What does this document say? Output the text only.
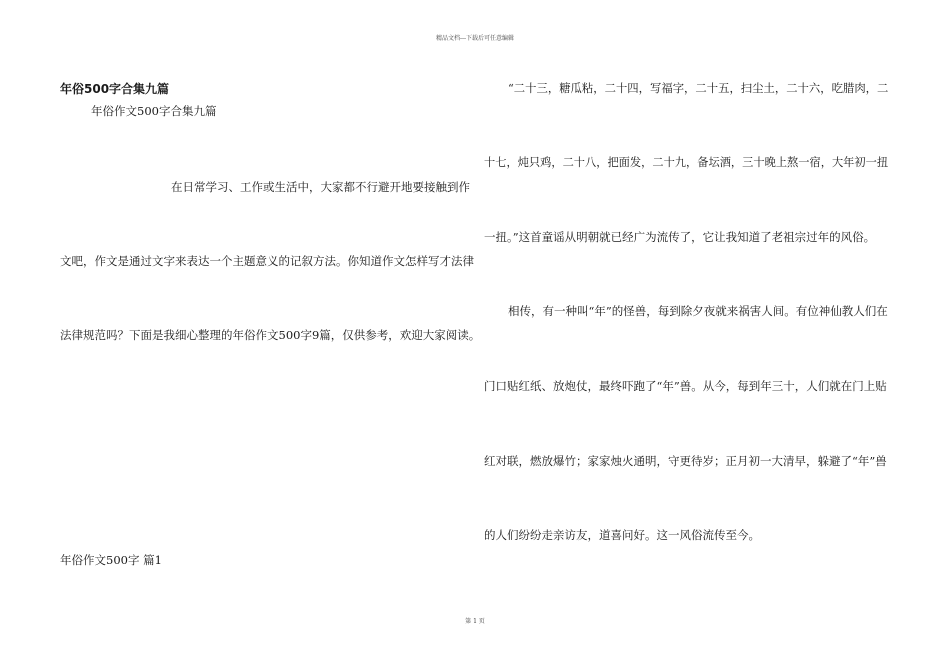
精品文档---下载后可任意编辑
年俗500字合集九篇
年俗作文500字合集九篇
在日常学习、工作或生活中，大家都不行避开地要接触到作
文吧，作文是通过文字来表达一个主题意义的记叙方法。你知道作文怎样写才法律
法律规范吗？下面是我细心整理的年俗作文500字9篇，仅供参考，欢迎大家阅读。
年俗作文500字 篇1
“二十三，糖瓜粘，二十四，写福字，二十五，扫尘土，二十六，吃腊肉，二
十七，炖只鸡，二十八，把面发，二十九，备坛酒，三十晚上熬一宿，大年初一扭
一扭。”这首童谣从明朝就已经广为流传了，它让我知道了老祖宗过年的风俗。
相传，有一种叫“年”的怪兽，每到除夕夜就来祸害人间。有位神仙教人们在
门口贴红纸、放炮仗，最终吓跑了“年”兽。从今，每到年三十，人们就在门上贴
红对联，燃放爆竹；家家烛火通明，守更待岁；正月初一大清早，躲避了“年”兽
的人们纷纷走亲访友，道喜问好。这一风俗流传至今。
第 1 页
